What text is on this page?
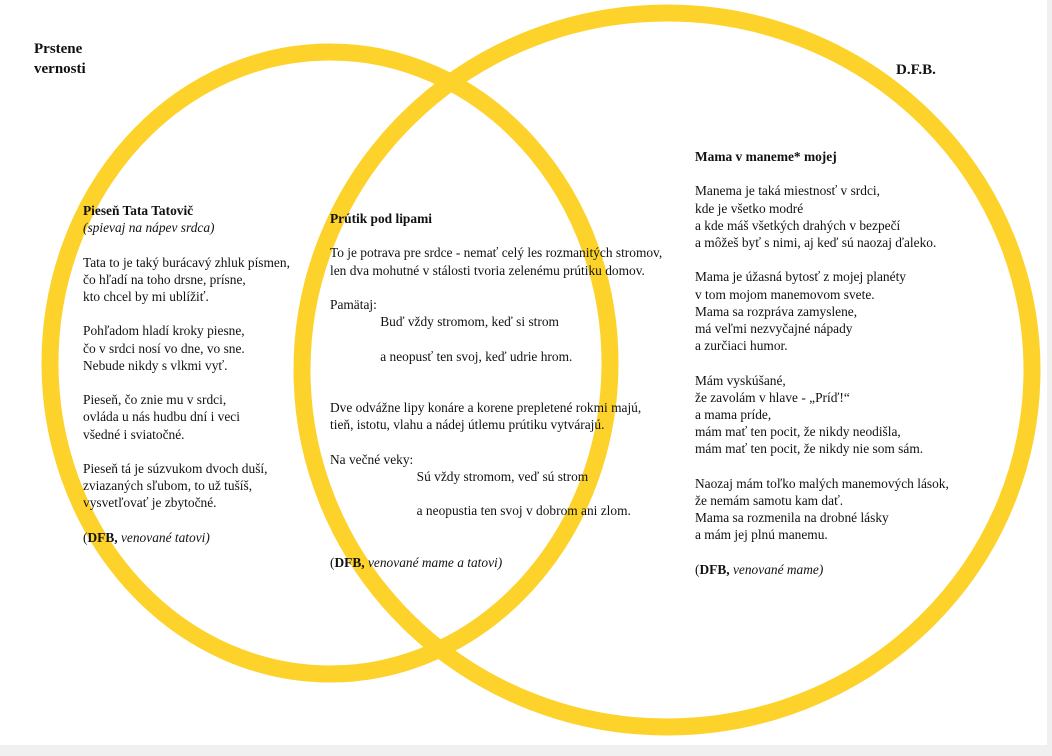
Prstene
vernosti	D.F.B.
Pieseň Tata Tatovič
(spievaj na nápev srdca)
Tata to je taký burácavý zhluk písmen,
čo hľadí na toho drsne, prísne,
kto chcel by mi ublížiť.
Pohľadom hladí kroky piesne,
čo v srdci nosí vo dne, vo sne.
Nebude nikdy s vlkmi vyť.
Pieseň, čo znie mu v srdci,
ovláda u nás hudbu dní i veci
všedné i sviatočné.
Pieseň tá je súzvukom dvoch duší,
zviazaných sľubom, to už tušíš,
vysvetľovať je zbytočné.
(DFB, venované tatovi)
Prútik pod lipami
To je potrava pre srdce - nemať celý les rozmanitých stromov,
len dva mohutné v stálosti tvoria zelenému prútiku domov.
Pamätaj:

Buď vždy stromom, keď si strom

a neopusť ten svoj, keď udrie hrom.

Dve odvážne lipy konáre a korene prepletené rokmi majú,
tieň, istotu, vlahu a nádej útlemu prútiku vytvárajú.
Na večné veky:

Sú vždy stromom, veď sú strom

a neopustia ten svoj v dobrom ani zlom.

(DFB, venované mame a tatovi)
Mama v maneme* mojej
Manema je taká miestnosť v srdci,
kde je všetko modré
a kde máš všetkých drahých v bezpečí
a môžeš byť s nimi, aj keď sú naozaj ďaleko.
Mama je úžasná bytosť z mojej planéty
v tom mojom manemovom svete.
Mama sa rozpráva zamyslene,
má veľmi nezvyčajné nápady
a zurčiaci humor.
Mám vyskúšané,
že zavolám v hlave - „Príď!“
a mama príde,
mám mať ten pocit, že nikdy neodišla,
mám mať ten pocit, že nikdy nie som sám.
Naozaj mám toľko malých manemových lások,
že nemám samotu kam dať.
Mama sa rozmenila na drobné lásky
a mám jej plnú manemu.
(DFB, venované mame)
